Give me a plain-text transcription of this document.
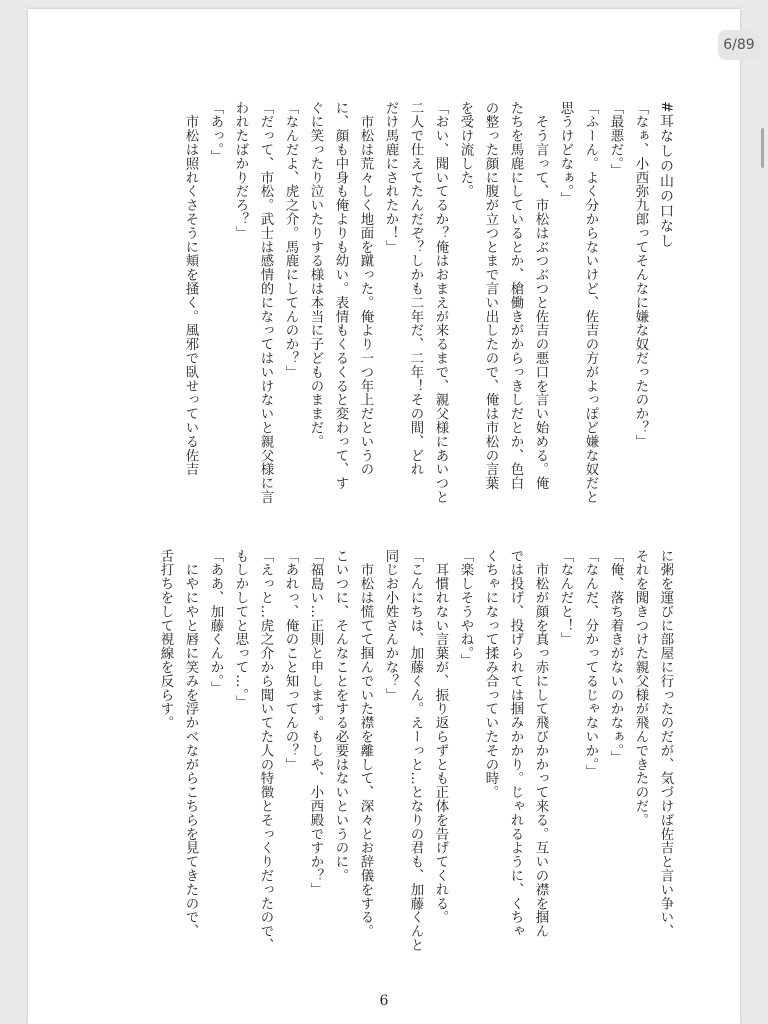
#耳なしの山の口なし

「なぁ、小西弥九郎ってそんなに嫌な奴だったのか？」

「最悪だ。」

「ふーん。よく分からないけど、佐吉の方がよっぽど嫌な奴だと

思うけどなぁ。」

　そう言って、市松はぶつぶつと佐吉の悪口を言い始める。俺

たちを馬鹿にしているとか、槍働きがからっきしだとか、色白

の整った顔に腹が立つとまで言い出したので、俺は市松の言葉

を受け流した。

「おい、聞いてるか？俺はおまえが来るまで、親父様にあいつと

二人で仕えてたんだぞ？しかも二年だ、二年！その間、どれ

だけ馬鹿にされたか！」

　市松は荒々しく地面を蹴った。俺より一つ年上だというの

に、顔も中身も俺よりも幼い。表情もくるくると変わって、す

ぐに笑ったり泣いたりする様は本当に子どものままだ。

「なんだよ、虎之介。馬鹿にしてんのか？」

「だって、市松。武士は感情的になってはいけないと親父様に言

われたばかりだろ？」

「あっ。」

　市松は照れくさそうに頬を掻く。風邪で臥せっている佐吉

に粥を運びに部屋に行ったのだが、気づけば佐吉と言い争い、

それを聞きつけた親父様が飛んできたのだ。

「俺、落ち着きがないのかなぁ。」

「なんだ、分かってるじゃないか。」

「なんだと！」

　市松が顔を真っ赤にして飛びかかって来る。互いの襟を掴ん

では投げ、投げられては掴みかかり。じゃれるように、くちゃ

くちゃになって揉み合っていたその時。

「楽しそうやね。」

　耳慣れない言葉が、振り返らずとも正体を告げてくれる。

「こんにちは、加藤くん。えーっと…となりの君も、加藤くんと

同じお小姓さんかな？」

　市松は慌てて掴んでいた襟を離して、深々とお辞儀をする。

こいつに、そんなことをする必要はないというのに。

「福島い…正則と申します。もしや、小西殿ですか？」

「あれっ、俺のこと知ってんの？」

「えっと…虎之介から聞いてた人の特徴とそっくりだったので、

もしかしてと思って…。」

「ああ、加藤くんか。」

　にやにやと唇に笑みを浮かべながらこちらを見てきたので、

舌打ちをして視線を反らす。

6
6/89
